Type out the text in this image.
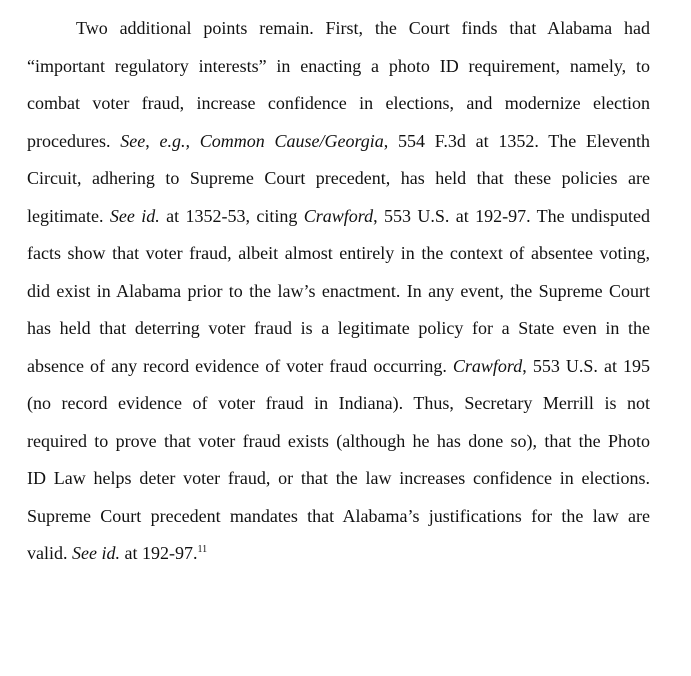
Two additional points remain. First, the Court finds that Alabama had
“important regulatory interests” in enacting a photo ID requirement, namely, to
combat voter fraud, increase confidence in elections, and modernize election
procedures. See, e.g., Common Cause/Georgia, 554 F.3d at 1352. The Eleventh
Circuit, adhering to Supreme Court precedent, has held that these policies are
legitimate. See id. at 1352-53, citing Crawford, 553 U.S. at 192-97. The undisputed
facts show that voter fraud, albeit almost entirely in the context of absentee voting,
did exist in Alabama prior to the law’s enactment. In any event, the Supreme Court
has held that deterring voter fraud is a legitimate policy for a State even in the
absence of any record evidence of voter fraud occurring. Crawford, 553 U.S. at 195
(no record evidence of voter fraud in Indiana). Thus, Secretary Merrill is not
required to prove that voter fraud exists (although he has done so), that the Photo
ID Law helps deter voter fraud, or that the law increases confidence in elections.
Supreme Court precedent mandates that Alabama’s justifications for the law are
valid. See id. at 192-97.11
